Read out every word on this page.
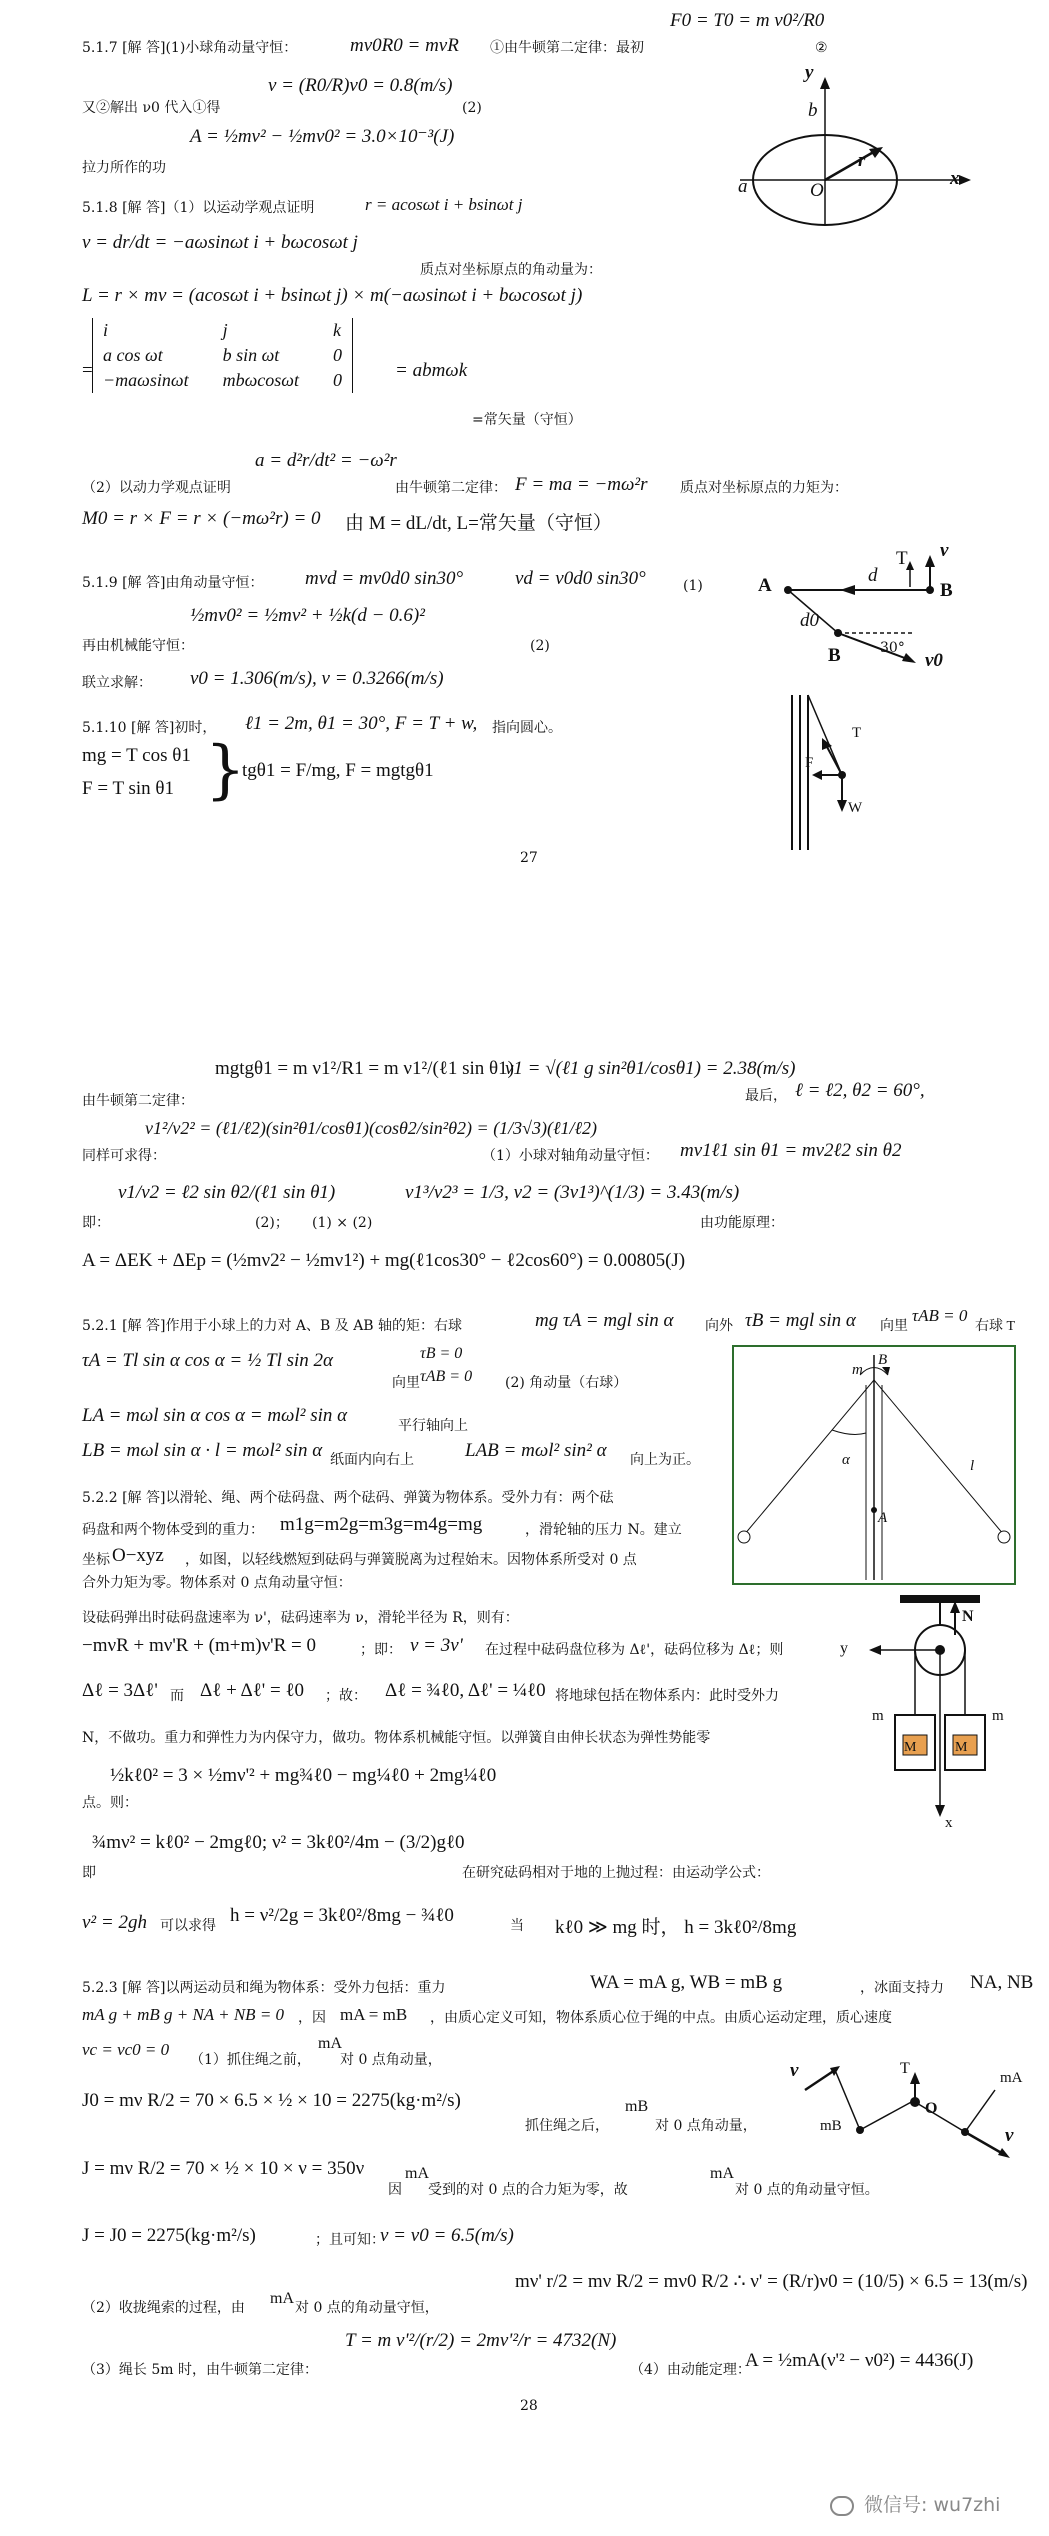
5.1.7 [解 答](1)小球角动量守恒：	mν0R0 = mνR ①由牛顿第二定律：最初
F0 = T0 = m ν0²/R0
②
ν = (R0/R)ν0 = 0.8(m/s)
又②解出 ν0 代入①得	(2)
A = ½mν² − ½mν0² = 3.0×10⁻³(J)
拉力所作的功
y
x
a
b
O
r
5.1.8 [解 答]（1）以运动学观点证明	r = acosωt i + bsinωt j
v = dr/dt = −aωsinωt i + bωcosωt j
质点对坐标原点的角动量为：
L = r × mv = (acosωt i + bsinωt j) × m(−aωsinωt i + bωcosωt j)
i	j	k
a cos ωt	b sin ωt	0
−maωsinωt	mbωcosωt	0
=	= abmωk
=常矢量（守恒）
a = d²r/dt² = −ω²r
（2）以动力学观点证明	由牛顿第二定律： F = ma = −mω²r 质点对坐标原点的力矩为：
M0 = r × F = r × (−mω²r) = 0 由 M = dL/dt, L=常矢量（守恒）
5.1.9 [解 答]由角动量守恒： mνd = mν0d0 sin30°	νd = ν0d0 sin30°	(1)
½mν0² = ½mν² + ½k(d − 0.6)²
再由机械能守恒：	(2)
联立求解： ν0 = 1.306(m/s), ν = 0.3266(m/s)
A	B
B
d
d0
T ν
ν0
30°
5.1.10 [解 答]初时， ℓ1 = 2m, θ1 = 30°, F = T + w, 指向圆心。
mg = T cos θ1
F = T sin θ1 }
tgθ1 = F/mg, F = mgtgθ1
T
F
W
27
mgtgθ1 = m ν1²/R1 = m ν1²/(ℓ1 sin θ1)
由牛顿第二定律：
ν1 = √(ℓ1 g sin²θ1/cosθ1) = 2.38(m/s)
最后， ℓ = ℓ2, θ2 = 60°,
ν1²/ν2² = (ℓ1/ℓ2)(sin²θ1/cosθ1)(cosθ2/sin²θ2) = (1/3√3)(ℓ1/ℓ2)
同样可求得：	（1）小球对轴角动量守恒： mν1ℓ1 sin θ1 = mν2ℓ2 sin θ2
ν1/ν2 = ℓ2 sin θ2/(ℓ1 sin θ1)
即：	(2)； (1) × (2)
ν1³/ν2³ = 1/3, ν2 = (3ν1³)^(1/3) = 3.43(m/s)
由功能原理：
A = ΔEK + ΔEp = (½mν2² − ½mν1²) + mg(ℓ1cos30° − ℓ2cos60°) = 0.00805(J)
5.2.1 [解 答]作用于小球上的力对 A、B 及 AB 轴的矩：右球	mg τA = mgl sin α 向外 τB = mgl sin α 向里
τAB = 0
右球 T
τA = Tl sin α cos α = ½ Tl sin 2α
向里
τB = 0
τAB = 0 (2) 角动量（右球）
LA = mωl sin α cos α = mωl² sin α	平行轴向上
LB = mωl sin α · l = mωl² sin α 纸面内向右上	LAB = mωl² sin² α 向上为正。
B
A
m
α	l
5.2.2 [解 答]以滑轮、绳、两个砝码盘、两个砝码、弹簧为物体系。受外力有：两个砝
码盘和两个物体受到的重力： m1g=m2g=m3g=m4g=mg	，滑轮轴的压力 N。建立
坐标 O−xyz ，如图，以轻线燃短到砝码与弹簧脱离为过程始末。因物体系所受对 0 点
合外力矩为零。物体系对 0 点角动量守恒：
设砝码弹出时砝码盘速率为 ν'，砝码速率为 ν，滑轮半径为 R，则有：
−mνR + mν'R + (m+m)ν'R = 0	；即： ν = 3ν' 在过程中砝码盘位移为 Δℓ'，砝码位移为 Δℓ；则
Δℓ = 3Δℓ' 而 Δℓ + Δℓ' = ℓ0 ；故： Δℓ = ¾ℓ0, Δℓ' = ¼ℓ0 将地球包括在物体系内：此时受外力
N，不做功。重力和弹性力为内保守力，做功。物体系机械能守恒。以弹簧自由伸长状态为弹性势能零
½kℓ0² = 3 × ½mν'² + mg¾ℓ0 − mg¼ℓ0 + 2mg¼ℓ0
点。则：
¾mν² = kℓ0² − 2mgℓ0; ν² = 3kℓ0²/4m − (3/2)gℓ0
即	在研究砝码相对于地的上抛过程：由运动学公式：
ν² = 2gh 可以求得 h = ν²/2g = 3kℓ0²/8mg − ¾ℓ0	当 kℓ0 ≫ mg 时， h = 3kℓ0²/8mg
y
N
x
m
M
m
M
5.2.3 [解 答]以两运动员和绳为物体系：受外力包括：重力	WA = mA g, WB = mB g	，冰面支持力 NA, NB
mA g + mB g + NA + NB = 0 ，因 mA = mB ，由质心定义可知，物体系质心位于绳的中点。由质心运动定理，质心速度
vc = vc0 = 0
（1）抓住绳之前，
mA
对 0 点角动量，
J0 = mν R/2 = 70 × 6.5 × ½ × 10 = 2275(kg·m²/s)
抓住绳之后，
mB
对 0 点角动量，
J = mν R/2 = 70 × ½ × 10 × ν = 350ν
因
mA
受到的对 0 点的合力矩为零，故
mA
对 0 点的角动量守恒。
J = J0 = 2275(kg·m²/s)	；且可知：
ν = ν0 = 6.5(m/s)
ν
mB
T
O
mA
ν
mν' r/2 = mν R/2 = mν0 R/2 ∴ ν' = (R/r)ν0 = (10/5) × 6.5 = 13(m/s)
（2）收拢绳索的过程，由
mA
对 0 点的角动量守恒，
T = m ν'²/(r/2) = 2mν'²/r = 4732(N)
（3）绳长 5m 时，由牛顿第二定律：	（4）由动能定理：
A = ½mA(ν'² − ν0²) = 4436(J)
28
微信号: wu7zhi
